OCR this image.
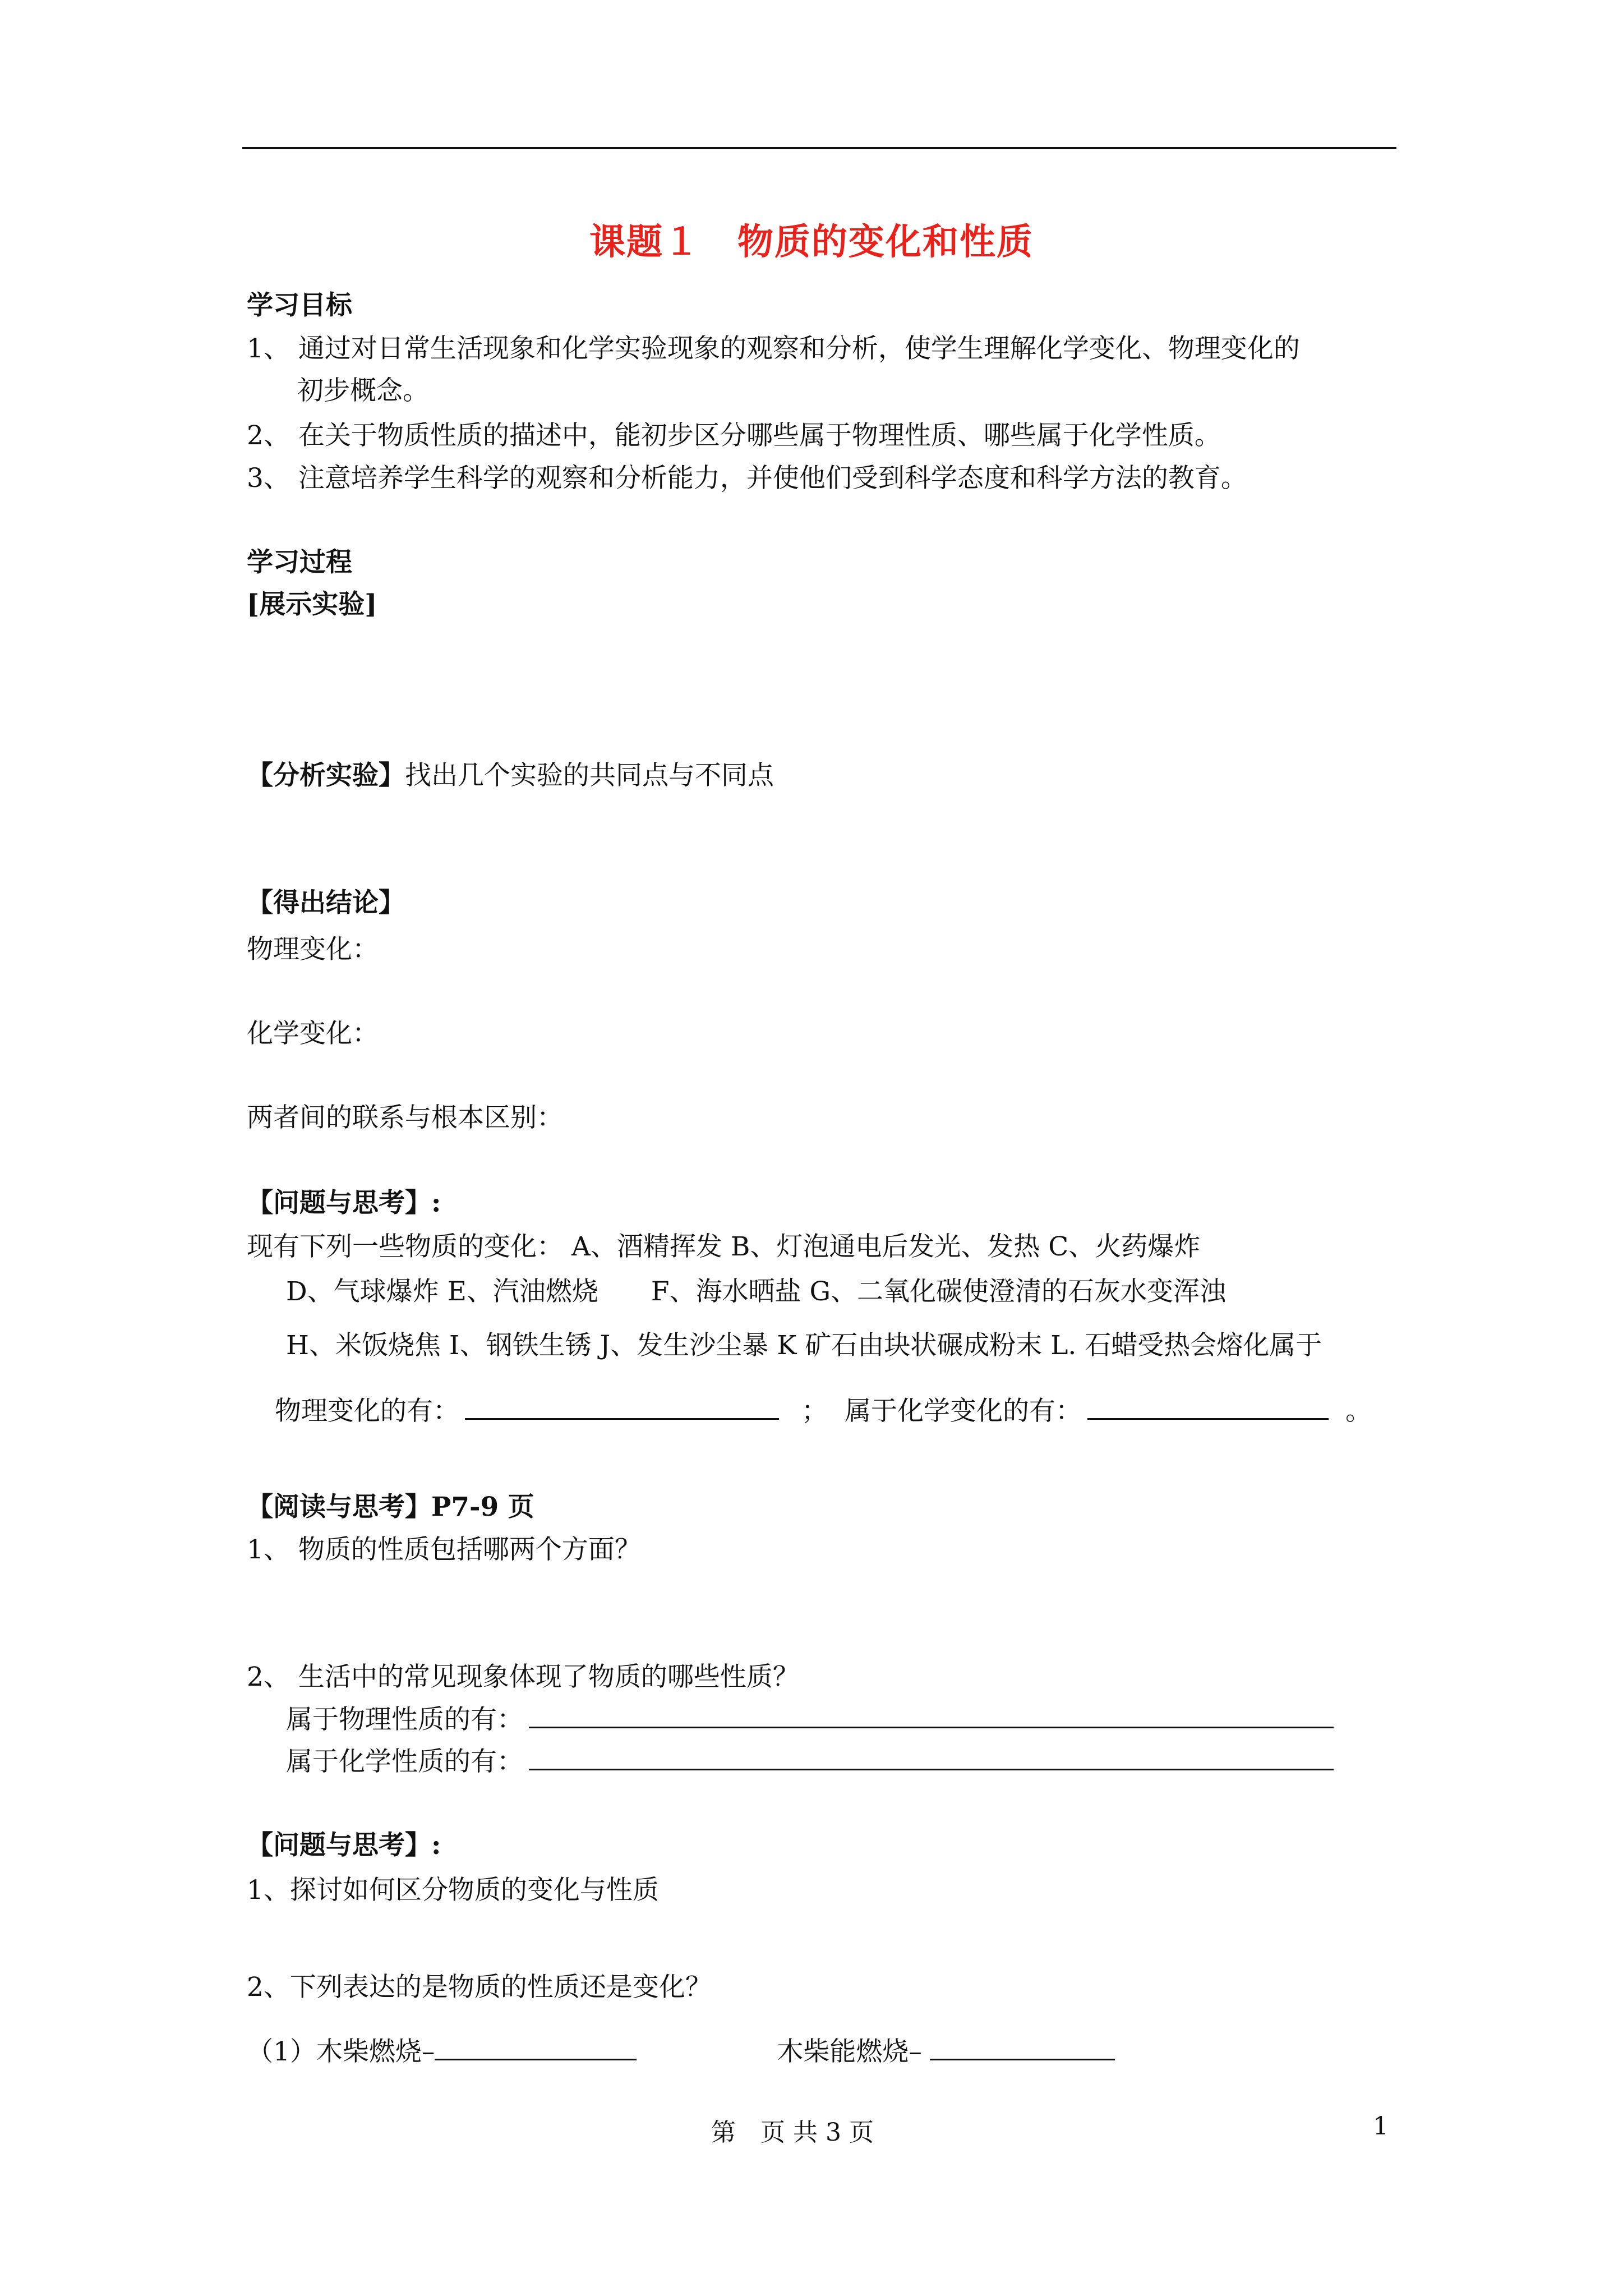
课题１　物质的变化和性质
学习目标
1、 通过对日常生活现象和化学实验现象的观察和分析，使学生理解化学变化、物理变化的
初步概念。
2、 在关于物质性质的描述中，能初步区分哪些属于物理性质、哪些属于化学性质。
3、 注意培养学生科学的观察和分析能力，并使他们受到科学态度和科学方法的教育。
学习过程
[展示实验]
【分析实验】找出几个实验的共同点与不同点
【得出结论】
物理变化：
化学变化：
两者间的联系与根本区别：
【问题与思考】:
现有下列一些物质的变化： A、酒精挥发 B、灯泡通电后发光、发热 C、火药爆炸
D、气球爆炸 E、汽油燃烧　　F、海水晒盐 G、二氧化碳使澄清的石灰水变浑浊
H、米饭烧焦 I、钢铁生锈 J、发生沙尘暴 K 矿石由块状碾成粉末 L. 石蜡受热会熔化属于
物理变化的有：	； 属于化学变化的有：	。
【阅读与思考】P7-9 页
1、 物质的性质包括哪两个方面？
2、 生活中的常见现象体现了物质的哪些性质？
属于物理性质的有：
属于化学性质的有：
【问题与思考】:
1、探讨如何区分物质的变化与性质
2、下列表达的是物质的性质还是变化？
（1）木柴燃烧–	木柴能燃烧–
第　页 共 3 页	1
